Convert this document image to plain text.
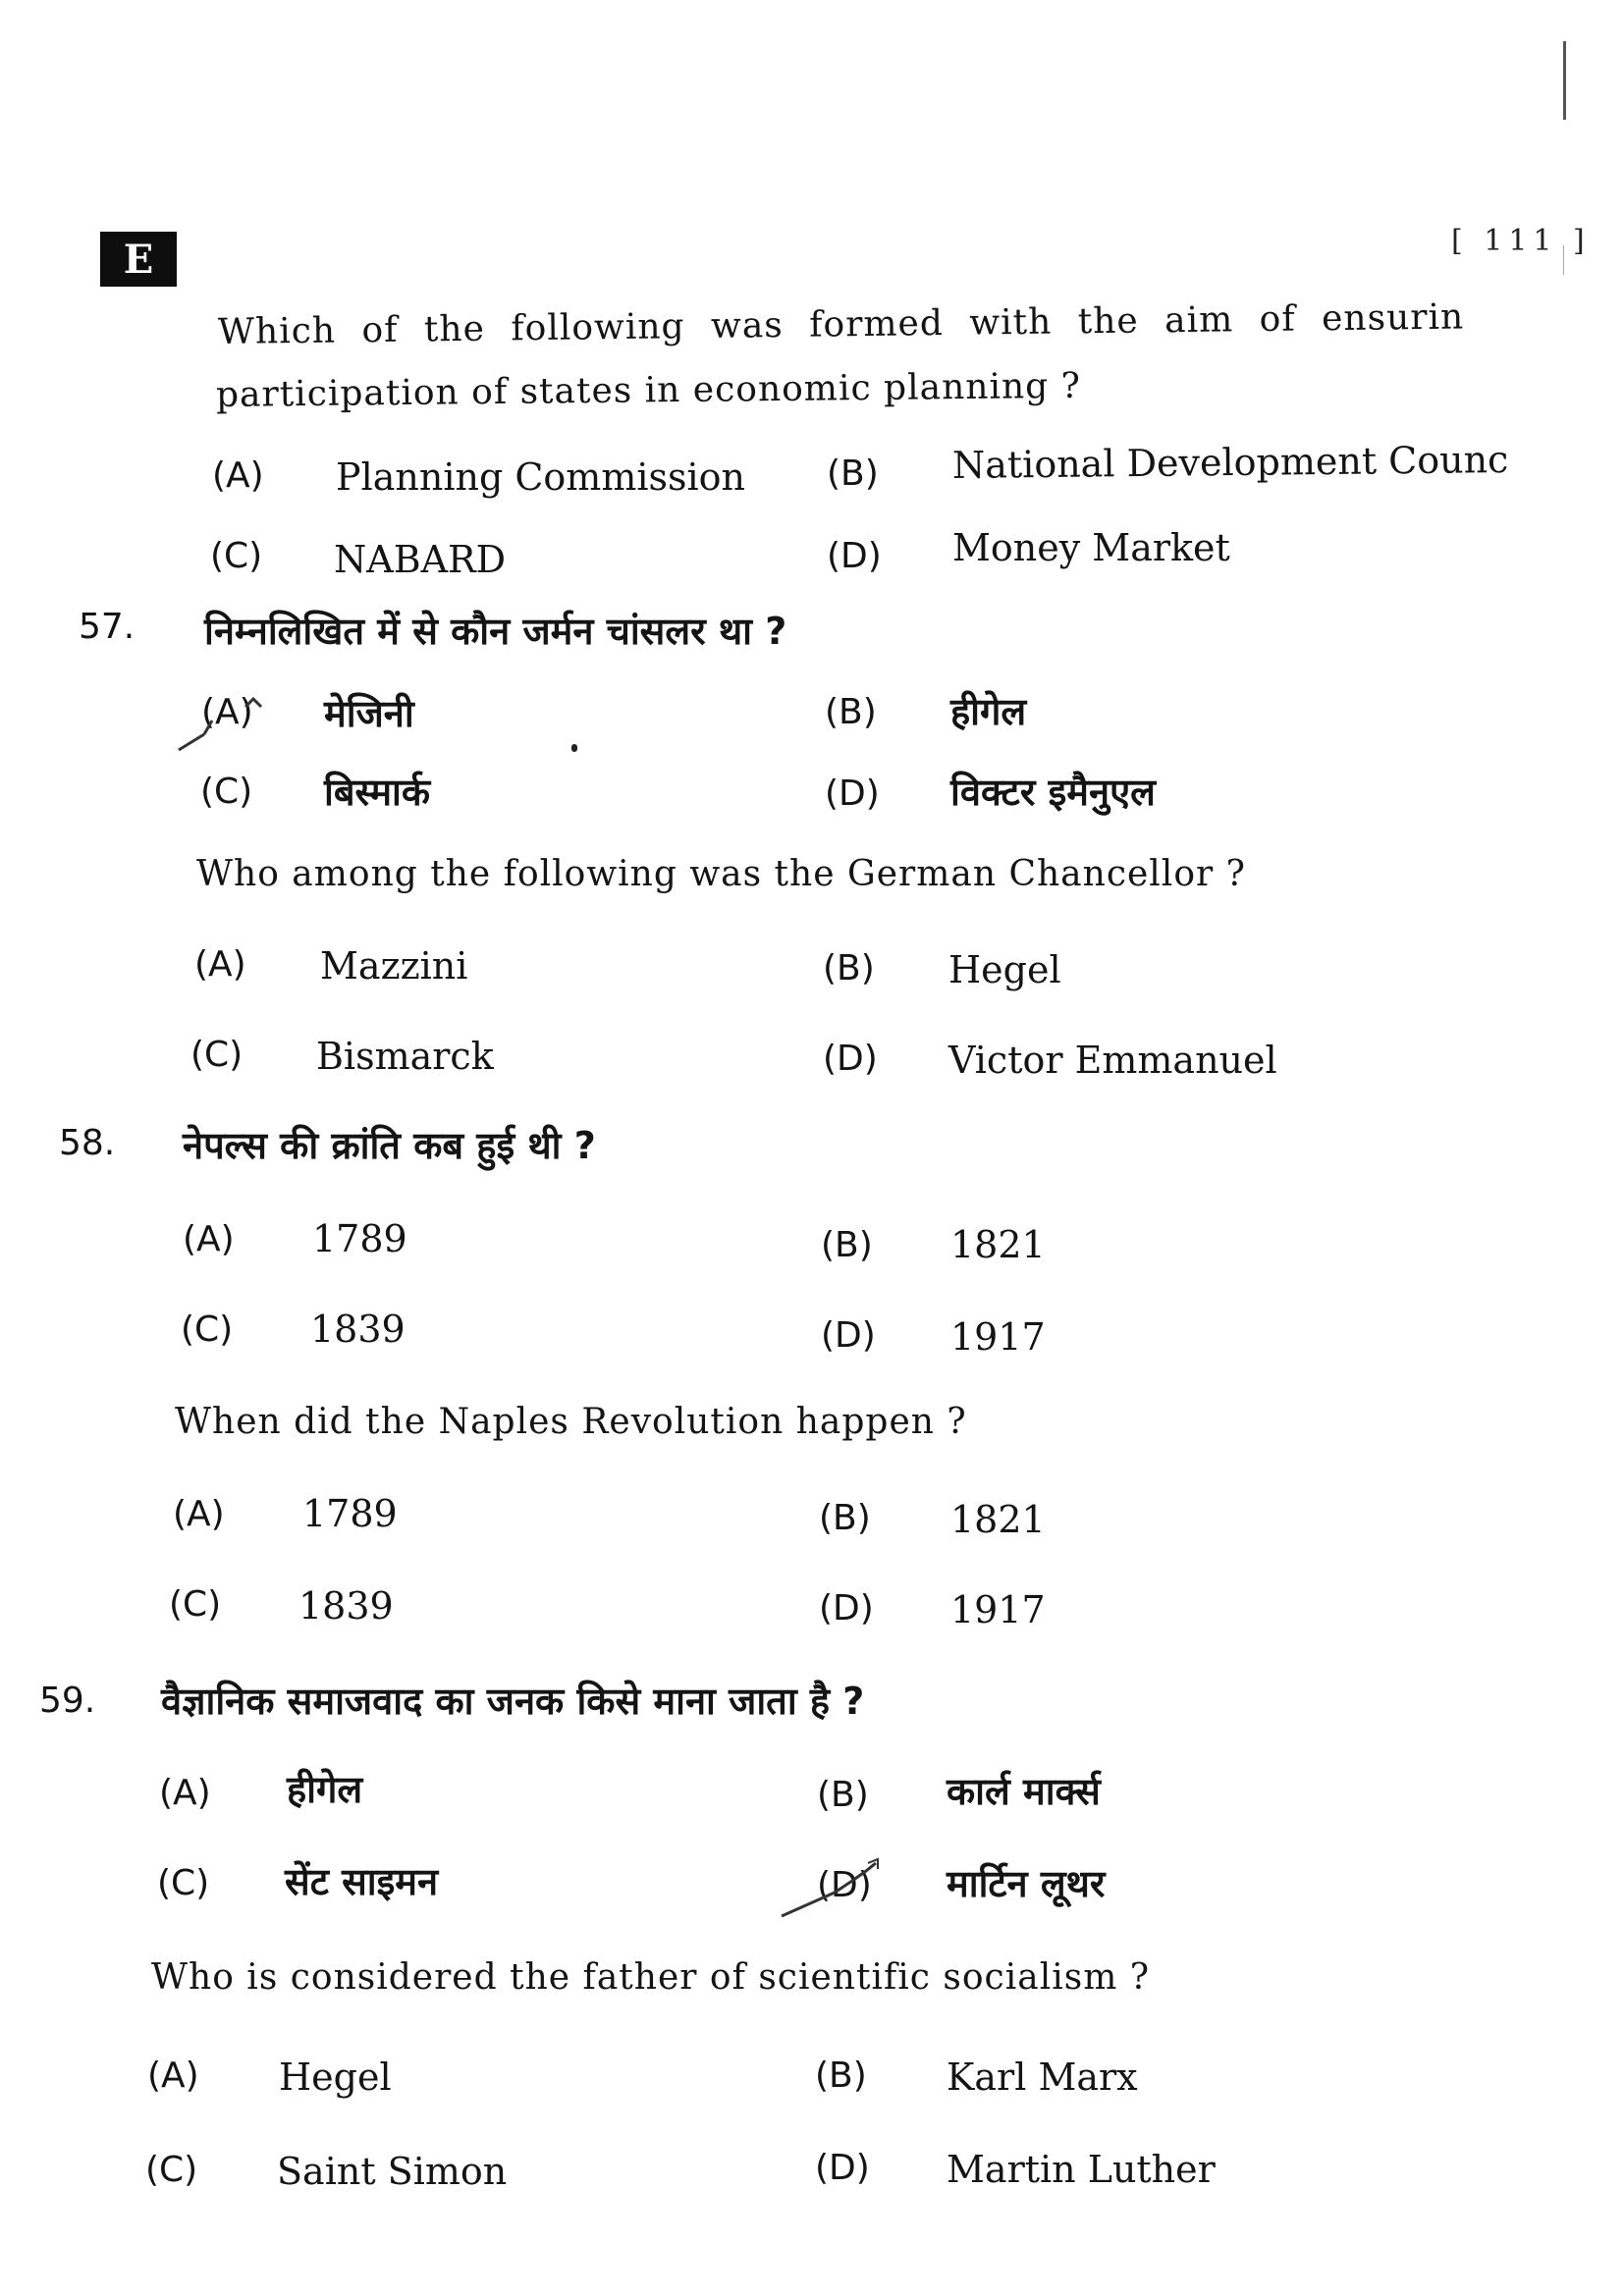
E	[ 111 ]
Which of the following was formed with the aim of ensurin
participation of states in economic planning ?
(A) Planning Commission (B) National Development Counc
(C) NABARD	(D) Money Market
57. निम्नलिखित में से कौन जर्मन चांसलर था ?
(A) मेजिनी	(B) हीगेल
(C) बिस्मार्क	(D) विक्टर इमैनुएल
Who among the following was the German Chancellor ?
(A) Mazzini	(B) Hegel
(C) Bismarck	(D) Victor Emmanuel
58. नेपल्स की क्रांति कब हुई थी ?
(A) 1789	(B) 1821
(C) 1839	(D) 1917
When did the Naples Revolution happen ?
(A) 1789	(B) 1821
(C) 1839	(D) 1917
59. वैज्ञानिक समाजवाद का जनक किसे माना जाता है ?
(A) हीगेल	(B) कार्ल मार्क्स
(C) सेंट साइमन	(D) मार्टिन लूथर
Who is considered the father of scientific socialism ?
(A) Hegel	(B) Karl Marx
(C) Saint Simon	(D) Martin Luther
